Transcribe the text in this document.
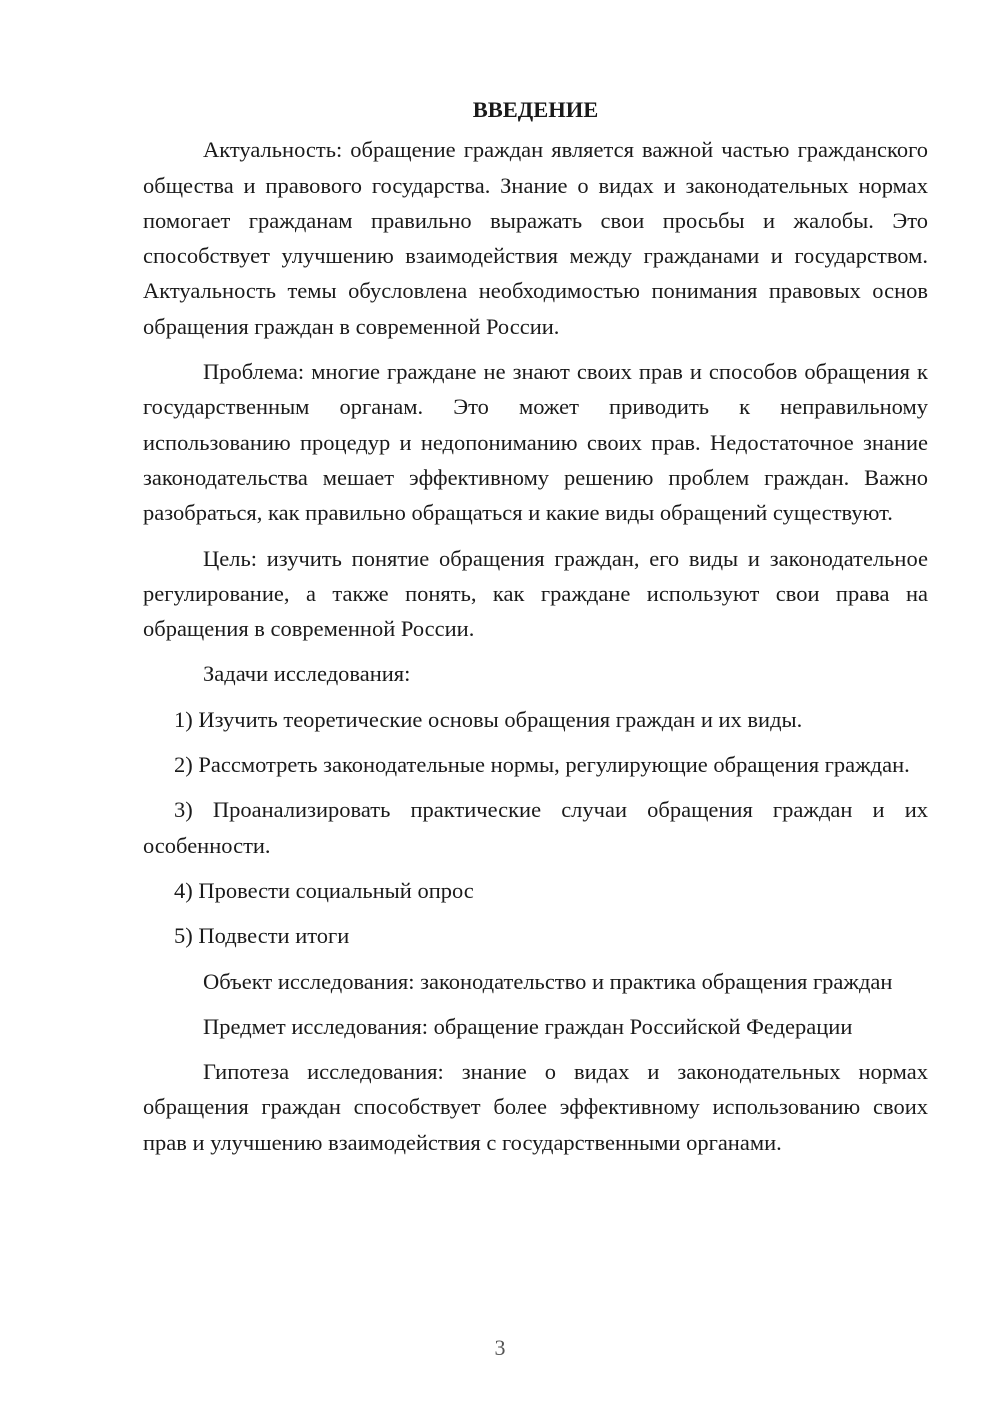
ВВЕДЕНИЕ

Актуальность: обращение граждан является важной частью гражданского общества и правового государства. Знание о видах и законодательных нормах помогает гражданам правильно выражать свои просьбы и жалобы. Это способствует улучшению взаимодействия между гражданами и государством. Актуальность темы обусловлена необходимостью понимания правовых основ обращения граждан в современной России.

Проблема: многие граждане не знают своих прав и способов обращения к государственным органам. Это может приводить к неправильному использованию процедур и недопониманию своих прав. Недостаточное знание законодательства мешает эффективному решению проблем граждан. Важно разобраться, как правильно обращаться и какие виды обращений существуют.

Цель: изучить понятие обращения граждан, его виды и законодательное регулирование, а также понять, как граждане используют свои права на обращения в современной России.

Задачи исследования:

1) Изучить теоретические основы обращения граждан и их виды.

2) Рассмотреть законодательные нормы, регулирующие обращения граждан.

3) Проанализировать практические случаи обращения граждан и их особенности.

4) Провести социальный опрос

5) Подвести итоги

Объект исследования: законодательство и практика обращения граждан

Предмет исследования: обращение граждан Российской Федерации

Гипотеза исследования: знание о видах и законодательных нормах обращения граждан способствует более эффективному использованию своих прав и улучшению взаимодействия с государственными органами.

3
